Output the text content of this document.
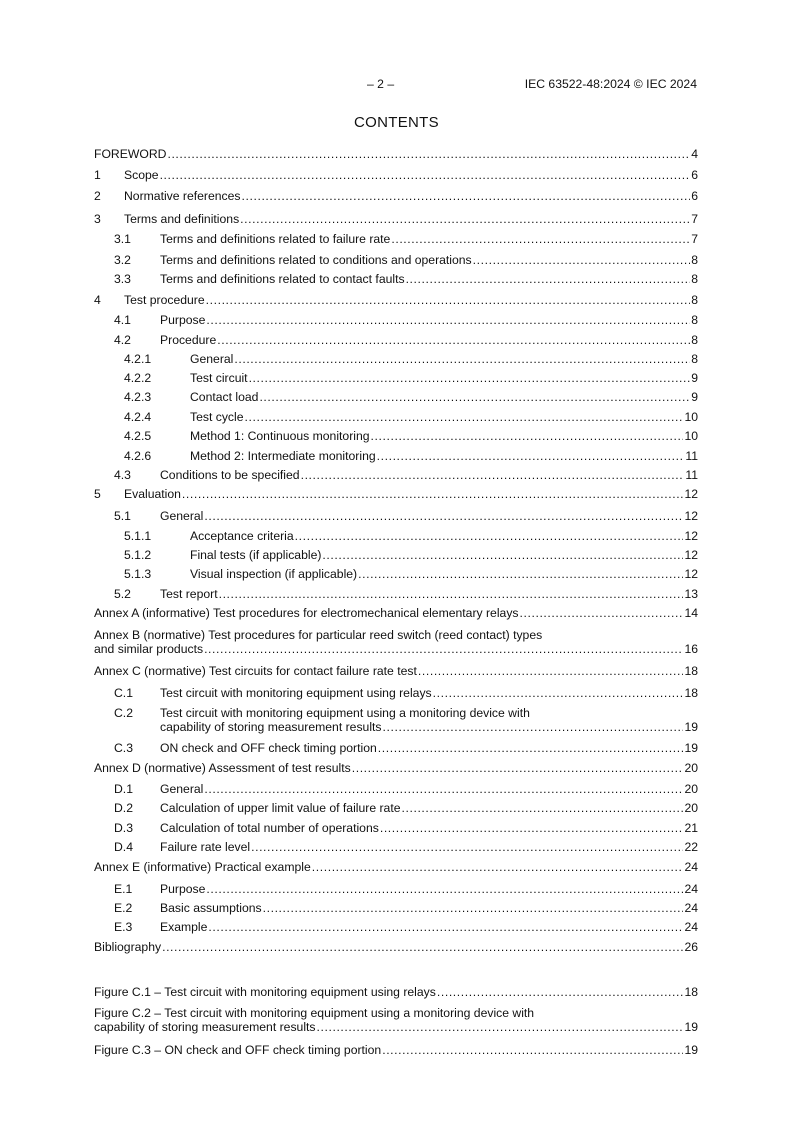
– 2 –	IEC 63522-48:2024 © IEC 2024
CONTENTS
FOREWORD .....	4
1	Scope .....	6
2	Normative references .....	6
3	Terms and definitions .....	7
3.1	Terms and definitions related to failure rate .....	7
3.2	Terms and definitions related to conditions and operations .....	8
3.3	Terms and definitions related to contact faults .....	8
4	Test procedure .....	8
4.1	Purpose .....	8
4.2	Procedure .....	8
4.2.1	General .....	8
4.2.2	Test circuit .....	9
4.2.3	Contact load .....	9
4.2.4	Test cycle .....	10
4.2.5	Method 1: Continuous monitoring .....	10
4.2.6	Method 2: Intermediate monitoring .....	11
4.3	Conditions to be specified .....	11
5	Evaluation .....	12
5.1	General .....	12
5.1.1	Acceptance criteria .....	12
5.1.2	Final tests (if applicable) .....	12
5.1.3	Visual inspection (if applicable) .....	12
5.2	Test report .....	13
Annex A (informative) Test procedures for electromechanical elementary relays .....	14
Annex B (normative) Test procedures for particular reed switch (reed contact) types
and similar products .....	16
Annex C (normative) Test circuits for contact failure rate test .....	18
C.1	Test circuit with monitoring equipment using relays .....	18
C.2 Test circuit with monitoring equipment using a monitoring device with
capability of storing measurement results .....	19
C.3	ON check and OFF check timing portion .....	19
Annex D (normative) Assessment of test results .....	20
D.1	General .....	20
D.2	Calculation of upper limit value of failure rate .....	20
D.3	Calculation of total number of operations .....	21
D.4	Failure rate level .....	22
Annex E (informative) Practical example .....	24
E.1	Purpose .....	24
E.2	Basic assumptions .....	24
E.3	Example .....	24
Bibliography .....	26
Figure C.1 – Test circuit with monitoring equipment using relays .....	18
Figure C.2 – Test circuit with monitoring equipment using a monitoring device with
capability of storing measurement results .....	19
Figure C.3 – ON check and OFF check timing portion .....	19
